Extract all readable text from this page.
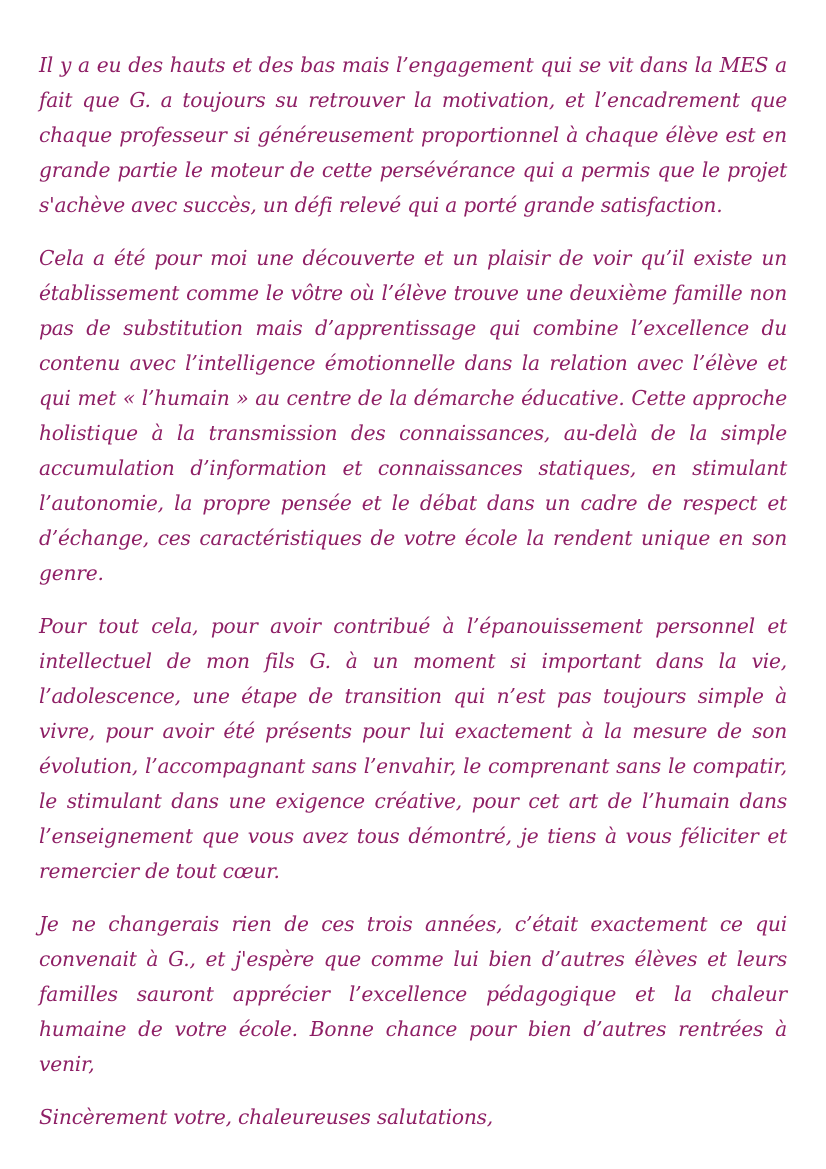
Il y a eu des hauts et des bas mais l’engagement qui se vit dans la MES a fait que G. a toujours su retrouver la motivation, et l’encadrement que chaque professeur si généreusement proportionnel à chaque élève est en grande partie le moteur de cette persévérance qui a permis que le projet s'achève avec succès, un défi relevé qui a porté grande satisfaction.

Cela a été pour moi une découverte et un plaisir de voir qu’il existe un établissement comme le vôtre où l’élève trouve une deuxième famille non pas de substitution mais d’apprentissage qui combine l’excellence du contenu avec l’intelligence émotionnelle dans la relation avec l’élève et qui met « l’humain » au centre de la démarche éducative. Cette approche holistique à la transmission des connaissances, au-delà de la simple accumulation d’information et connaissances statiques, en stimulant l’autonomie, la propre pensée et le débat dans un cadre de respect et d’échange, ces caractéristiques de votre école la rendent unique en son genre.

Pour tout cela, pour avoir contribué à l’épanouissement personnel et intellectuel de mon fils G. à un moment si important dans la vie, l’adolescence, une étape de transition qui n’est pas toujours simple à vivre, pour avoir été présents pour lui exactement à la mesure de son évolution, l’accompagnant sans l’envahir, le comprenant sans le compatir, le stimulant dans une exigence créative, pour cet art de l’humain dans l’enseignement que vous avez tous démontré, je tiens à vous féliciter et remercier de tout cœur.

Je ne changerais rien de ces trois années, c’était exactement ce qui convenait à G., et j'espère que comme lui bien d’autres élèves et leurs familles sauront apprécier l’excellence pédagogique et la chaleur humaine de votre école. Bonne chance pour bien d’autres rentrées à venir,

Sincèrement votre, chaleureuses salutations,
